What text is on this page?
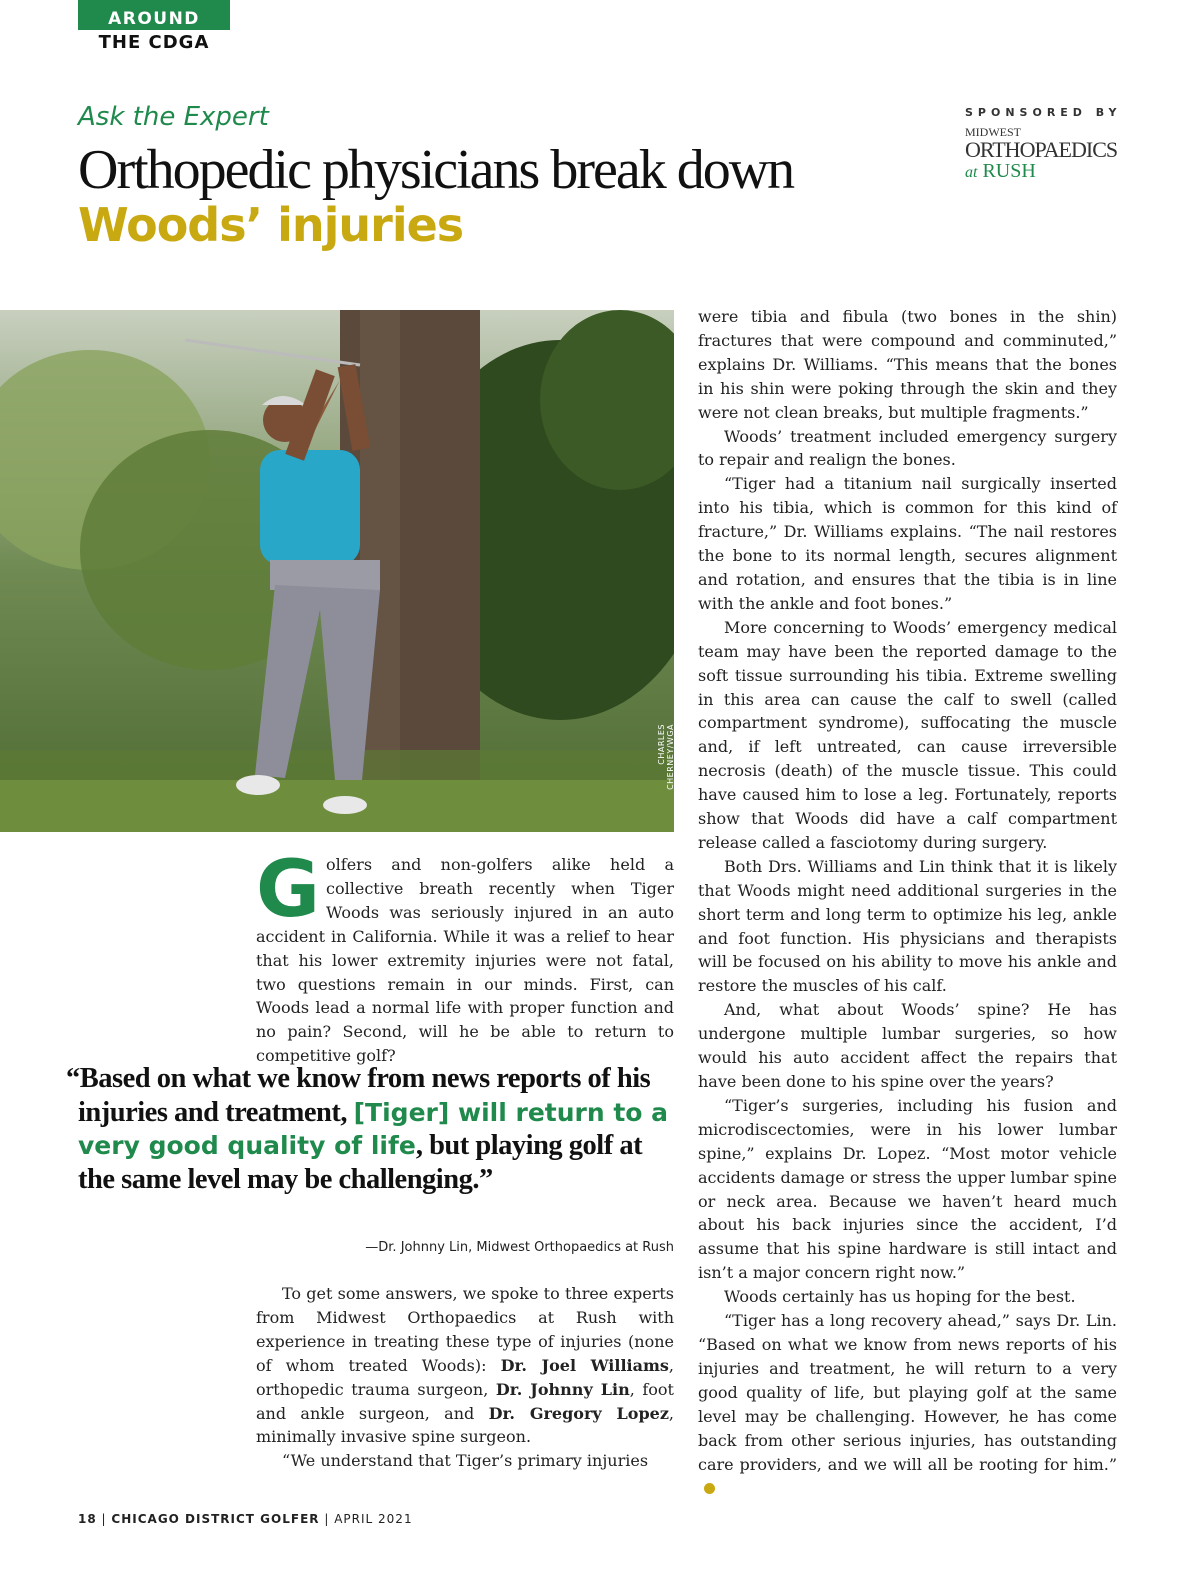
AROUND
THE CDGA
Ask the Expert
Orthopedic physicians break down
Woods’ injuries
SPONSORED BY
MIDWEST
ORTHOPAEDICS
at RUSH
CHARLES CHERNEY/WGA
G olfers and non-golfers alike held a collective breath recently when Tiger Woods was seriously injured in an auto accident in California. While it was a relief to hear that his lower extremity injuries were not fatal, two questions remain in our minds. First, can Woods lead a normal life with proper function and no pain? Second, will he be able to return to competitive golf?

“Based on what we know from news reports of his injuries and treatment, [Tiger] will return to a very good quality of life, but playing golf at the same level may be challenging.”
—Dr. Johnny Lin, Midwest Orthopaedics at Rush

To get some answers, we spoke to three experts from Midwest Orthopaedics at Rush with experience in treating these type of injuries (none of whom treated Woods): Dr. Joel Williams, orthopedic trauma surgeon, Dr. Johnny Lin, foot and ankle surgeon, and Dr. Gregory Lopez, minimally invasive spine surgeon.

“We understand that Tiger’s primary injuries

were tibia and fibula (two bones in the shin) fractures that were compound and comminuted,” explains Dr. Williams. “This means that the bones in his shin were poking through the skin and they were not clean breaks, but multiple fragments.”

Woods’ treatment included emergency surgery to repair and realign the bones.

“Tiger had a titanium nail surgically inserted into his tibia, which is common for this kind of fracture,” Dr. Williams explains. “The nail restores the bone to its normal length, secures alignment and rotation, and ensures that the tibia is in line with the ankle and foot bones.”

More concerning to Woods’ emergency medical team may have been the reported damage to the soft tissue surrounding his tibia. Extreme swelling in this area can cause the calf to swell (called compartment syndrome), suffocating the muscle and, if left untreated, can cause irreversible necrosis (death) of the muscle tissue. This could have caused him to lose a leg. Fortunately, reports show that Woods did have a calf compartment release called a fasciotomy during surgery.

Both Drs. Williams and Lin think that it is likely that Woods might need additional surgeries in the short term and long term to optimize his leg, ankle and foot function. His physicians and therapists will be focused on his ability to move his ankle and restore the muscles of his calf.

And, what about Woods’ spine? He has undergone multiple lumbar surgeries, so how would his auto accident affect the repairs that have been done to his spine over the years?

“Tiger’s surgeries, including his fusion and microdiscectomies, were in his lower lumbar spine,” explains Dr. Lopez. “Most motor vehicle accidents damage or stress the upper lumbar spine or neck area. Because we haven’t heard much about his back injuries since the accident, I’d assume that his spine hardware is still intact and isn’t a major concern right now.”

Woods certainly has us hoping for the best.

“Tiger has a long recovery ahead,” says Dr. Lin. “Based on what we know from news reports of his injuries and treatment, he will return to a very good quality of life, but playing golf at the same level may be challenging. However, he has come back from other serious injuries, has outstanding care providers, and we will all be rooting for him.”

18 | CHICAGO DISTRICT GOLFER | APRIL 2021
